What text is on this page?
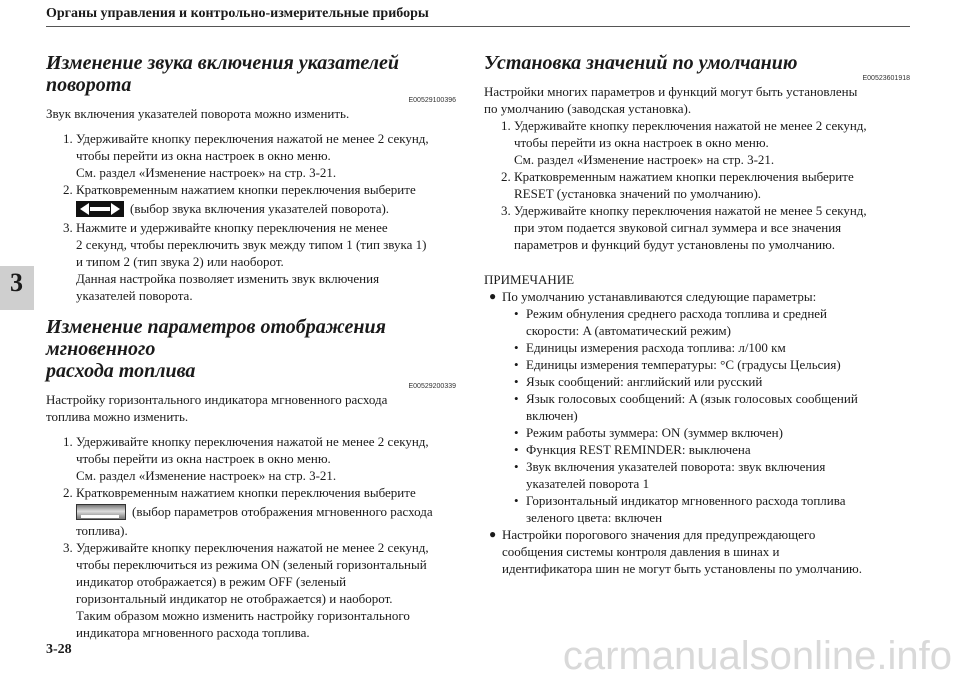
Органы управления и контрольно-измерительные приборы
3
Изменение звука включения указателей поворота
E00529100396

Звук включения указателей поворота можно изменить.

1. Удерживайте кнопку переключения нажатой не менее 2 секунд,
чтобы перейти из окна настроек в окно меню.
См. раздел «Изменение настроек» на стр. 3-21.
2. Кратковременным нажатием кнопки переключения выберите
(выбор звука включения указателей поворота).
3. Нажмите и удерживайте кнопку переключения не менее
2 секунд, чтобы переключить звук между типом 1 (тип звука 1)
и типом 2 (тип звука 2) или наоборот.
Данная настройка позволяет изменить звук включения
указателей поворота.
Изменение параметров отображения мгновенного
расхода топлива
E00529200339

Настройку горизонтального индикатора мгновенного расхода
топлива можно изменить.

1. Удерживайте кнопку переключения нажатой не менее 2 секунд,
чтобы перейти из окна настроек в окно меню.
См. раздел «Изменение настроек» на стр. 3-21.
2. Кратковременным нажатием кнопки переключения выберите
(выбор параметров отображения мгновенного расхода
топлива).
3. Удерживайте кнопку переключения нажатой не менее 2 секунд,
чтобы переключиться из режима ON (зеленый горизонтальный
индикатор отображается) в режим OFF (зеленый
горизонтальный индикатор не отображается) и наоборот.
Таким образом можно изменить настройку горизонтального
индикатора мгновенного расхода топлива.
Установка значений по умолчанию
E00523601918

Настройки многих параметров и функций могут быть установлены
по умолчанию (заводская установка).

1. Удерживайте кнопку переключения нажатой не менее 2 секунд,
чтобы перейти из окна настроек в окно меню.
См. раздел «Изменение настроек» на стр. 3-21.
2. Кратковременным нажатием кнопки переключения выберите
RESET (установка значений по умолчанию).
3. Удерживайте кнопку переключения нажатой не менее 5 секунд,
при этом подается звуковой сигнал зуммера и все значения
параметров и функций будут установлены по умолчанию.

ПРИМЕЧАНИЕ

● По умолчанию устанавливаются следующие параметры:
• Режим обнуления среднего расхода топлива и средней
скорости: A (автоматический режим)
• Единицы измерения расхода топлива: л/100 км
• Единицы измерения температуры: °C (градусы Цельсия)
• Язык сообщений: английский или русский
• Язык голосовых сообщений: A (язык голосовых сообщений
включен)
• Режим работы зуммера: ON (зуммер включен)
• Функция REST REMINDER: выключена
• Звук включения указателей поворота: звук включения
указателей поворота 1
• Горизонтальный индикатор мгновенного расхода топлива
зеленого цвета: включен
● Настройки порогового значения для предупреждающего
сообщения системы контроля давления в шинах и
идентификатора шин не могут быть установлены по умолчанию.
3-28	carmanualsonline.info
